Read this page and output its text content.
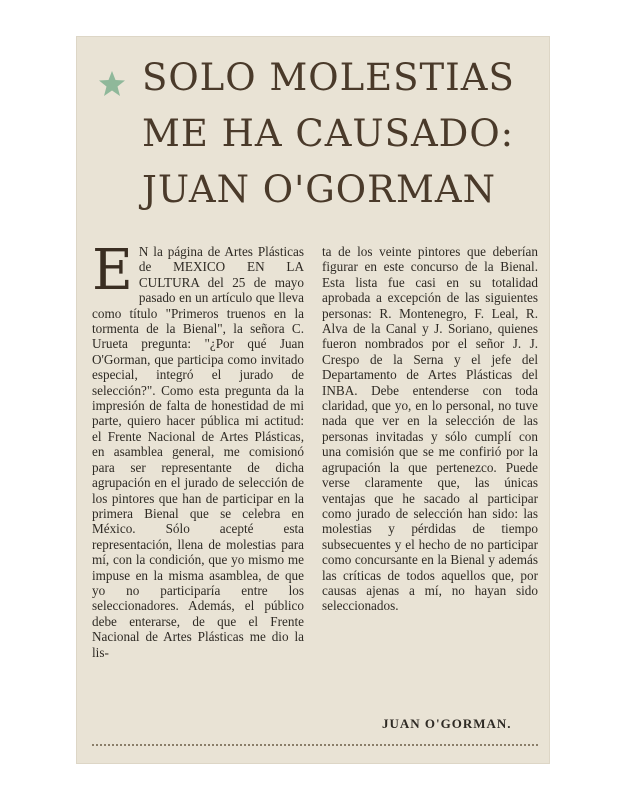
SOLO MOLESTIAS
ME HA CAUSADO:
JUAN O'GORMAN
E N la página de Artes Plásticas de MEXICO EN LA CULTURA del 25 de mayo pasado en un artículo que lleva como título "Primeros truenos en la tormenta de la Bienal", la señora C. Urueta pregunta: "¿Por qué Juan O'Gorman, que participa como invitado especial, integró el jurado de selección?". Como esta pregunta da la impresión de falta de honestidad de mi parte, quiero hacer pública mi actitud: el Frente Nacional de Artes Plásticas, en asamblea general, me comisionó para ser representante de dicha agrupación en el jurado de selección de los pintores que han de participar en la primera Bienal que se celebra en México. Sólo acepté esta representación, llena de molestias para mí, con la condición, que yo mismo me impuse en la misma asamblea, de que yo no participaría entre los seleccionadores. Además, el público debe enterarse, de que el Frente Nacional de Artes Plásticas me dio la lis-
ta de los veinte pintores que deberían figurar en este concurso de la Bienal. Esta lista fue casi en su totalidad aprobada a excepción de las siguientes personas: R. Montenegro, F. Leal, R. Alva de la Canal y J. Soriano, quienes fueron nombrados por el señor J. J. Crespo de la Serna y el jefe del Departamento de Artes Plásticas del INBA. Debe entenderse con toda claridad, que yo, en lo personal, no tuve nada que ver en la selección de las personas invitadas y sólo cumplí con una comisión que se me confirió por la agrupación la que pertenezco. Puede verse claramente que, las únicas ventajas que he sacado al participar como jurado de selección han sido: las molestias y pérdidas de tiempo subsecuentes y el hecho de no participar como concursante en la Bienal y además las críticas de todos aquellos que, por causas ajenas a mí, no hayan sido seleccionados.
JUAN O'GORMAN.
